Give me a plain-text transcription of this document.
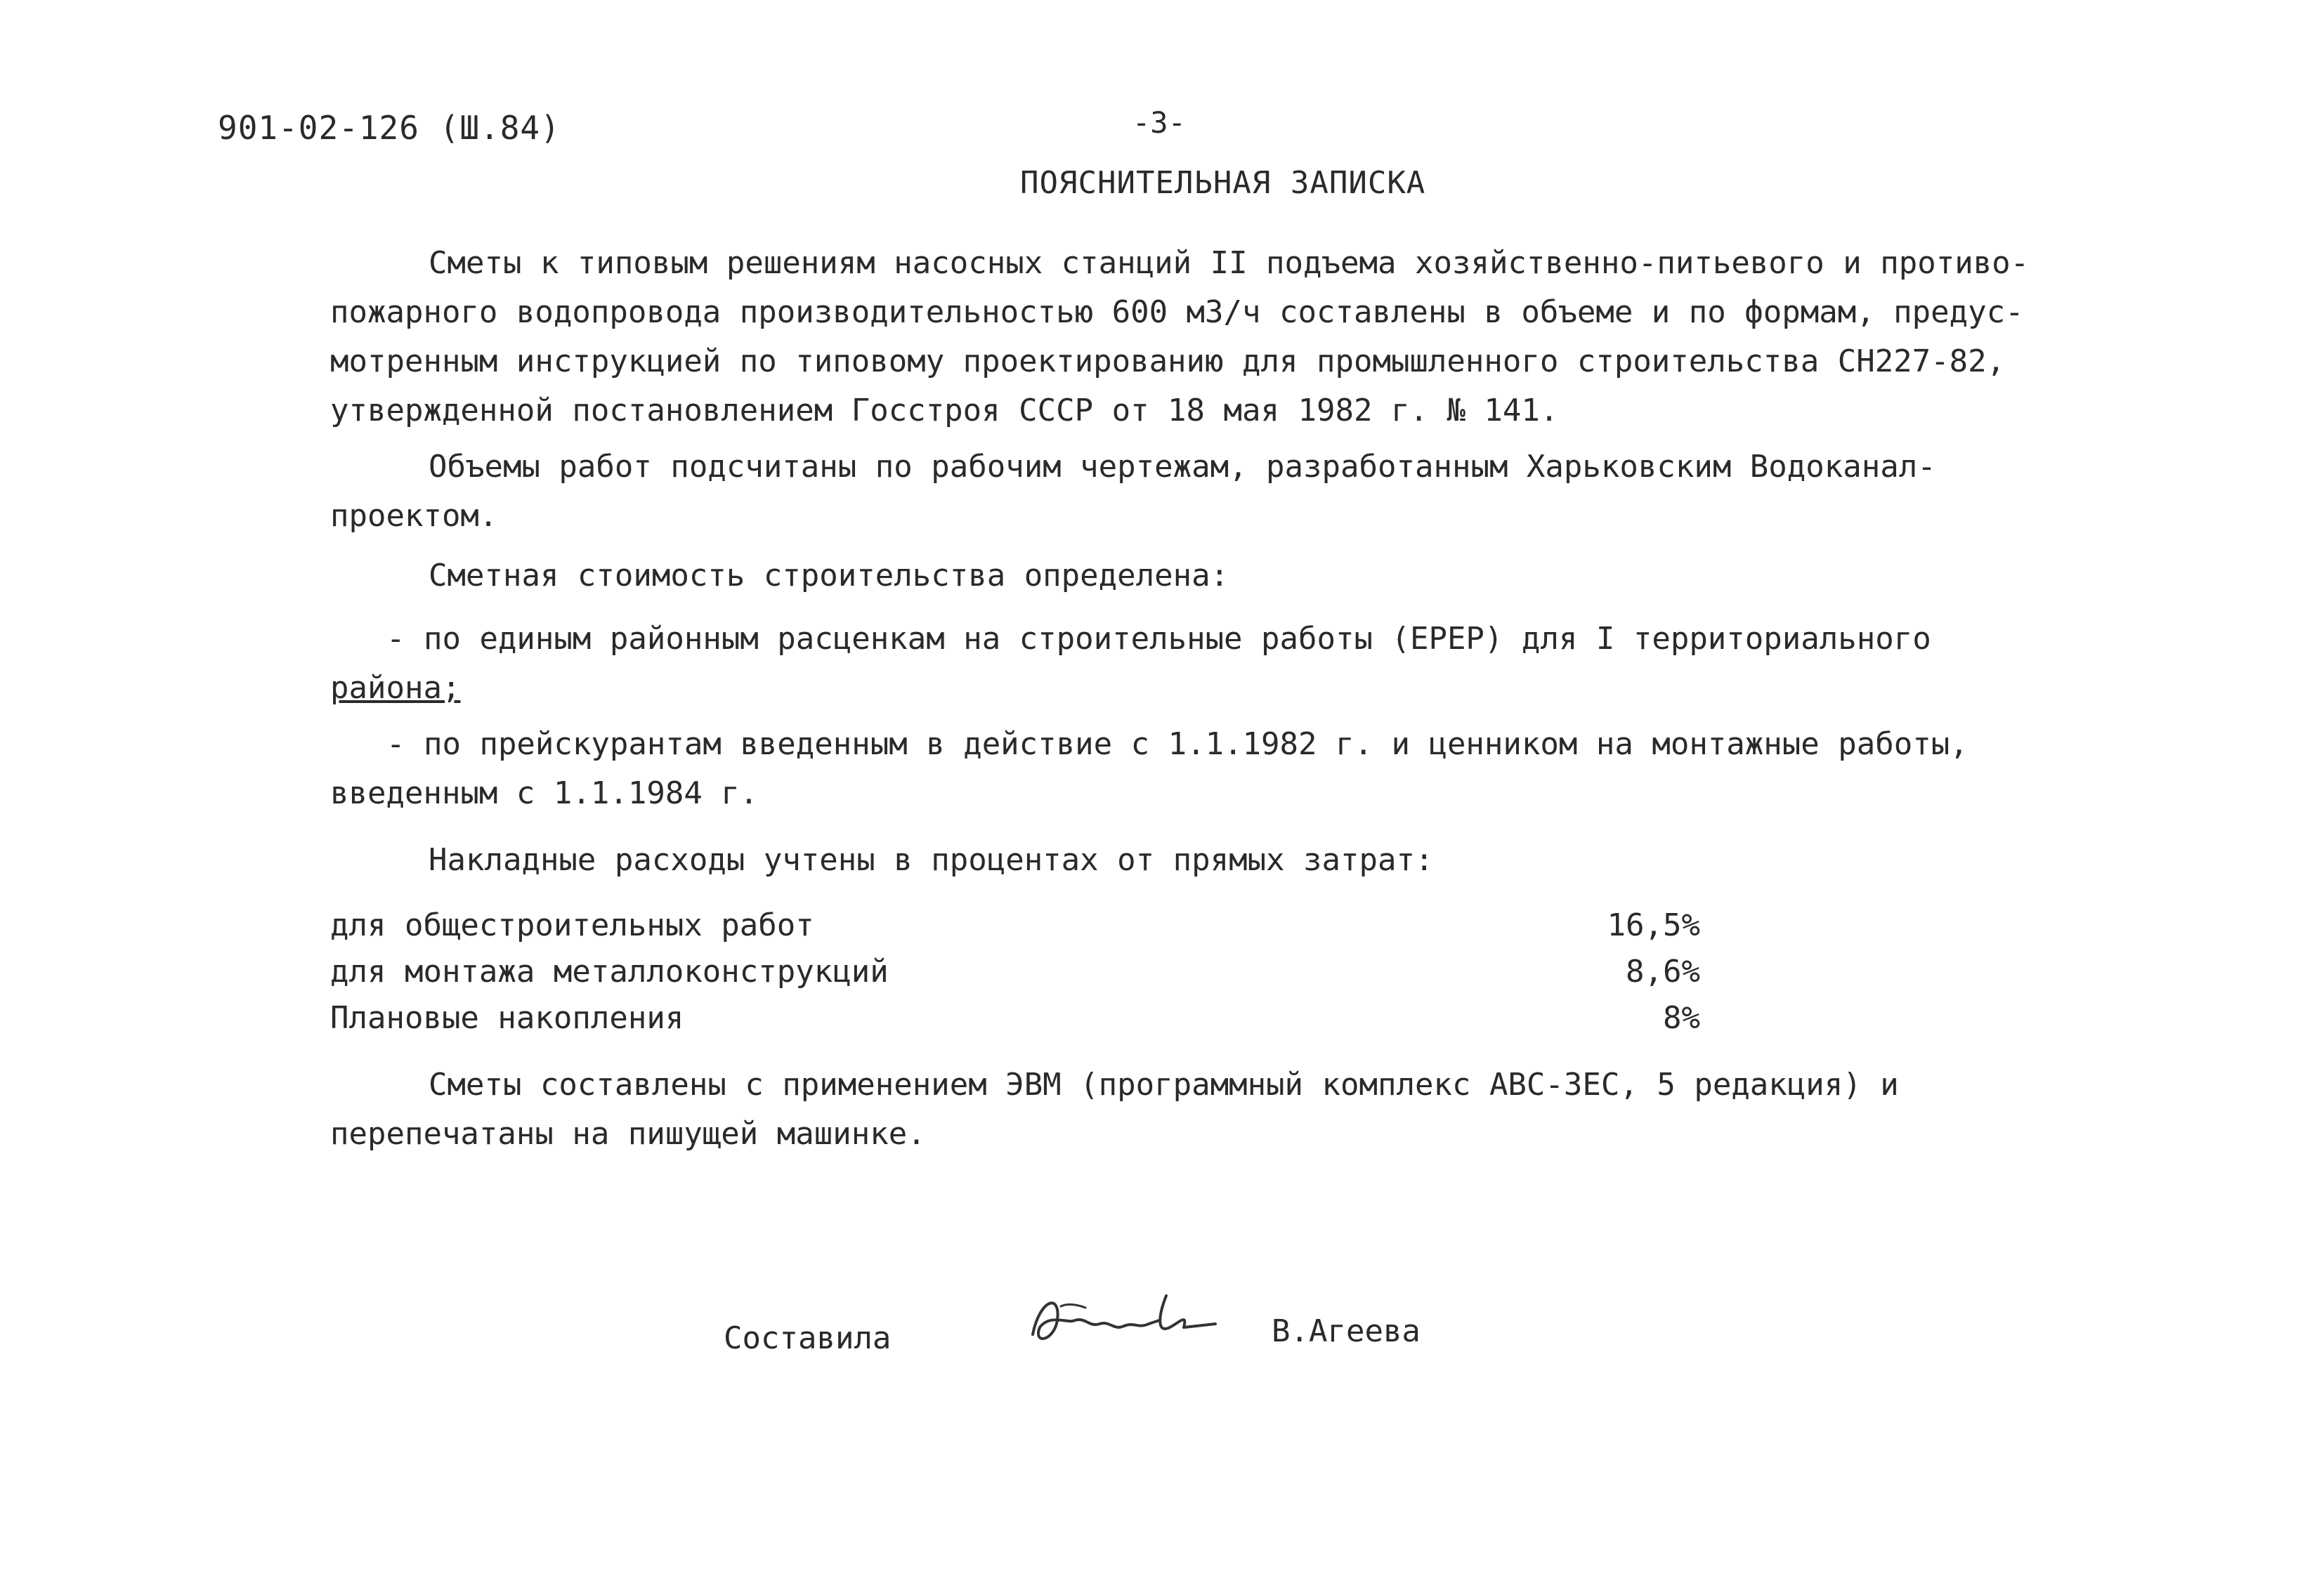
901-02-126 (Ш.84)	-3-
ПОЯСНИТЕЛЬНАЯ ЗАПИСКА
Сметы к типовым решениям насосных станций II подъема хозяйственно-питьевого и противо-
пожарного водопровода производительностью 600 м3/ч составлены в объеме и по формам, предус-
мотренным инструкцией по типовому проектированию для промышленного строительства СН227-82,
утвержденной постановлением Госстроя СССР от 18 мая 1982 г. № 141.
Объемы работ подсчитаны по рабочим чертежам, разработанным Харьковским Водоканал-
проектом.
Сметная стоимость строительства определена:
- по единым районным расценкам на строительные работы (ЕРЕР) для I территориального
района;
- по прейскурантам введенным в действие с 1.1.1982 г. и ценником на монтажные работы,
введенным с 1.1.1984 г.
Накладные расходы учтены в процентах от прямых затрат:
для общестроительных работ	16,5%
для монтажа металлоконструкций	8,6%
Плановые накопления	8%
Сметы составлены с применением ЭВМ (программный комплекс АВС-ЗЕС, 5 редакция) и
перепечатаны на пишущей машинке.
Составила	В.Агеева
